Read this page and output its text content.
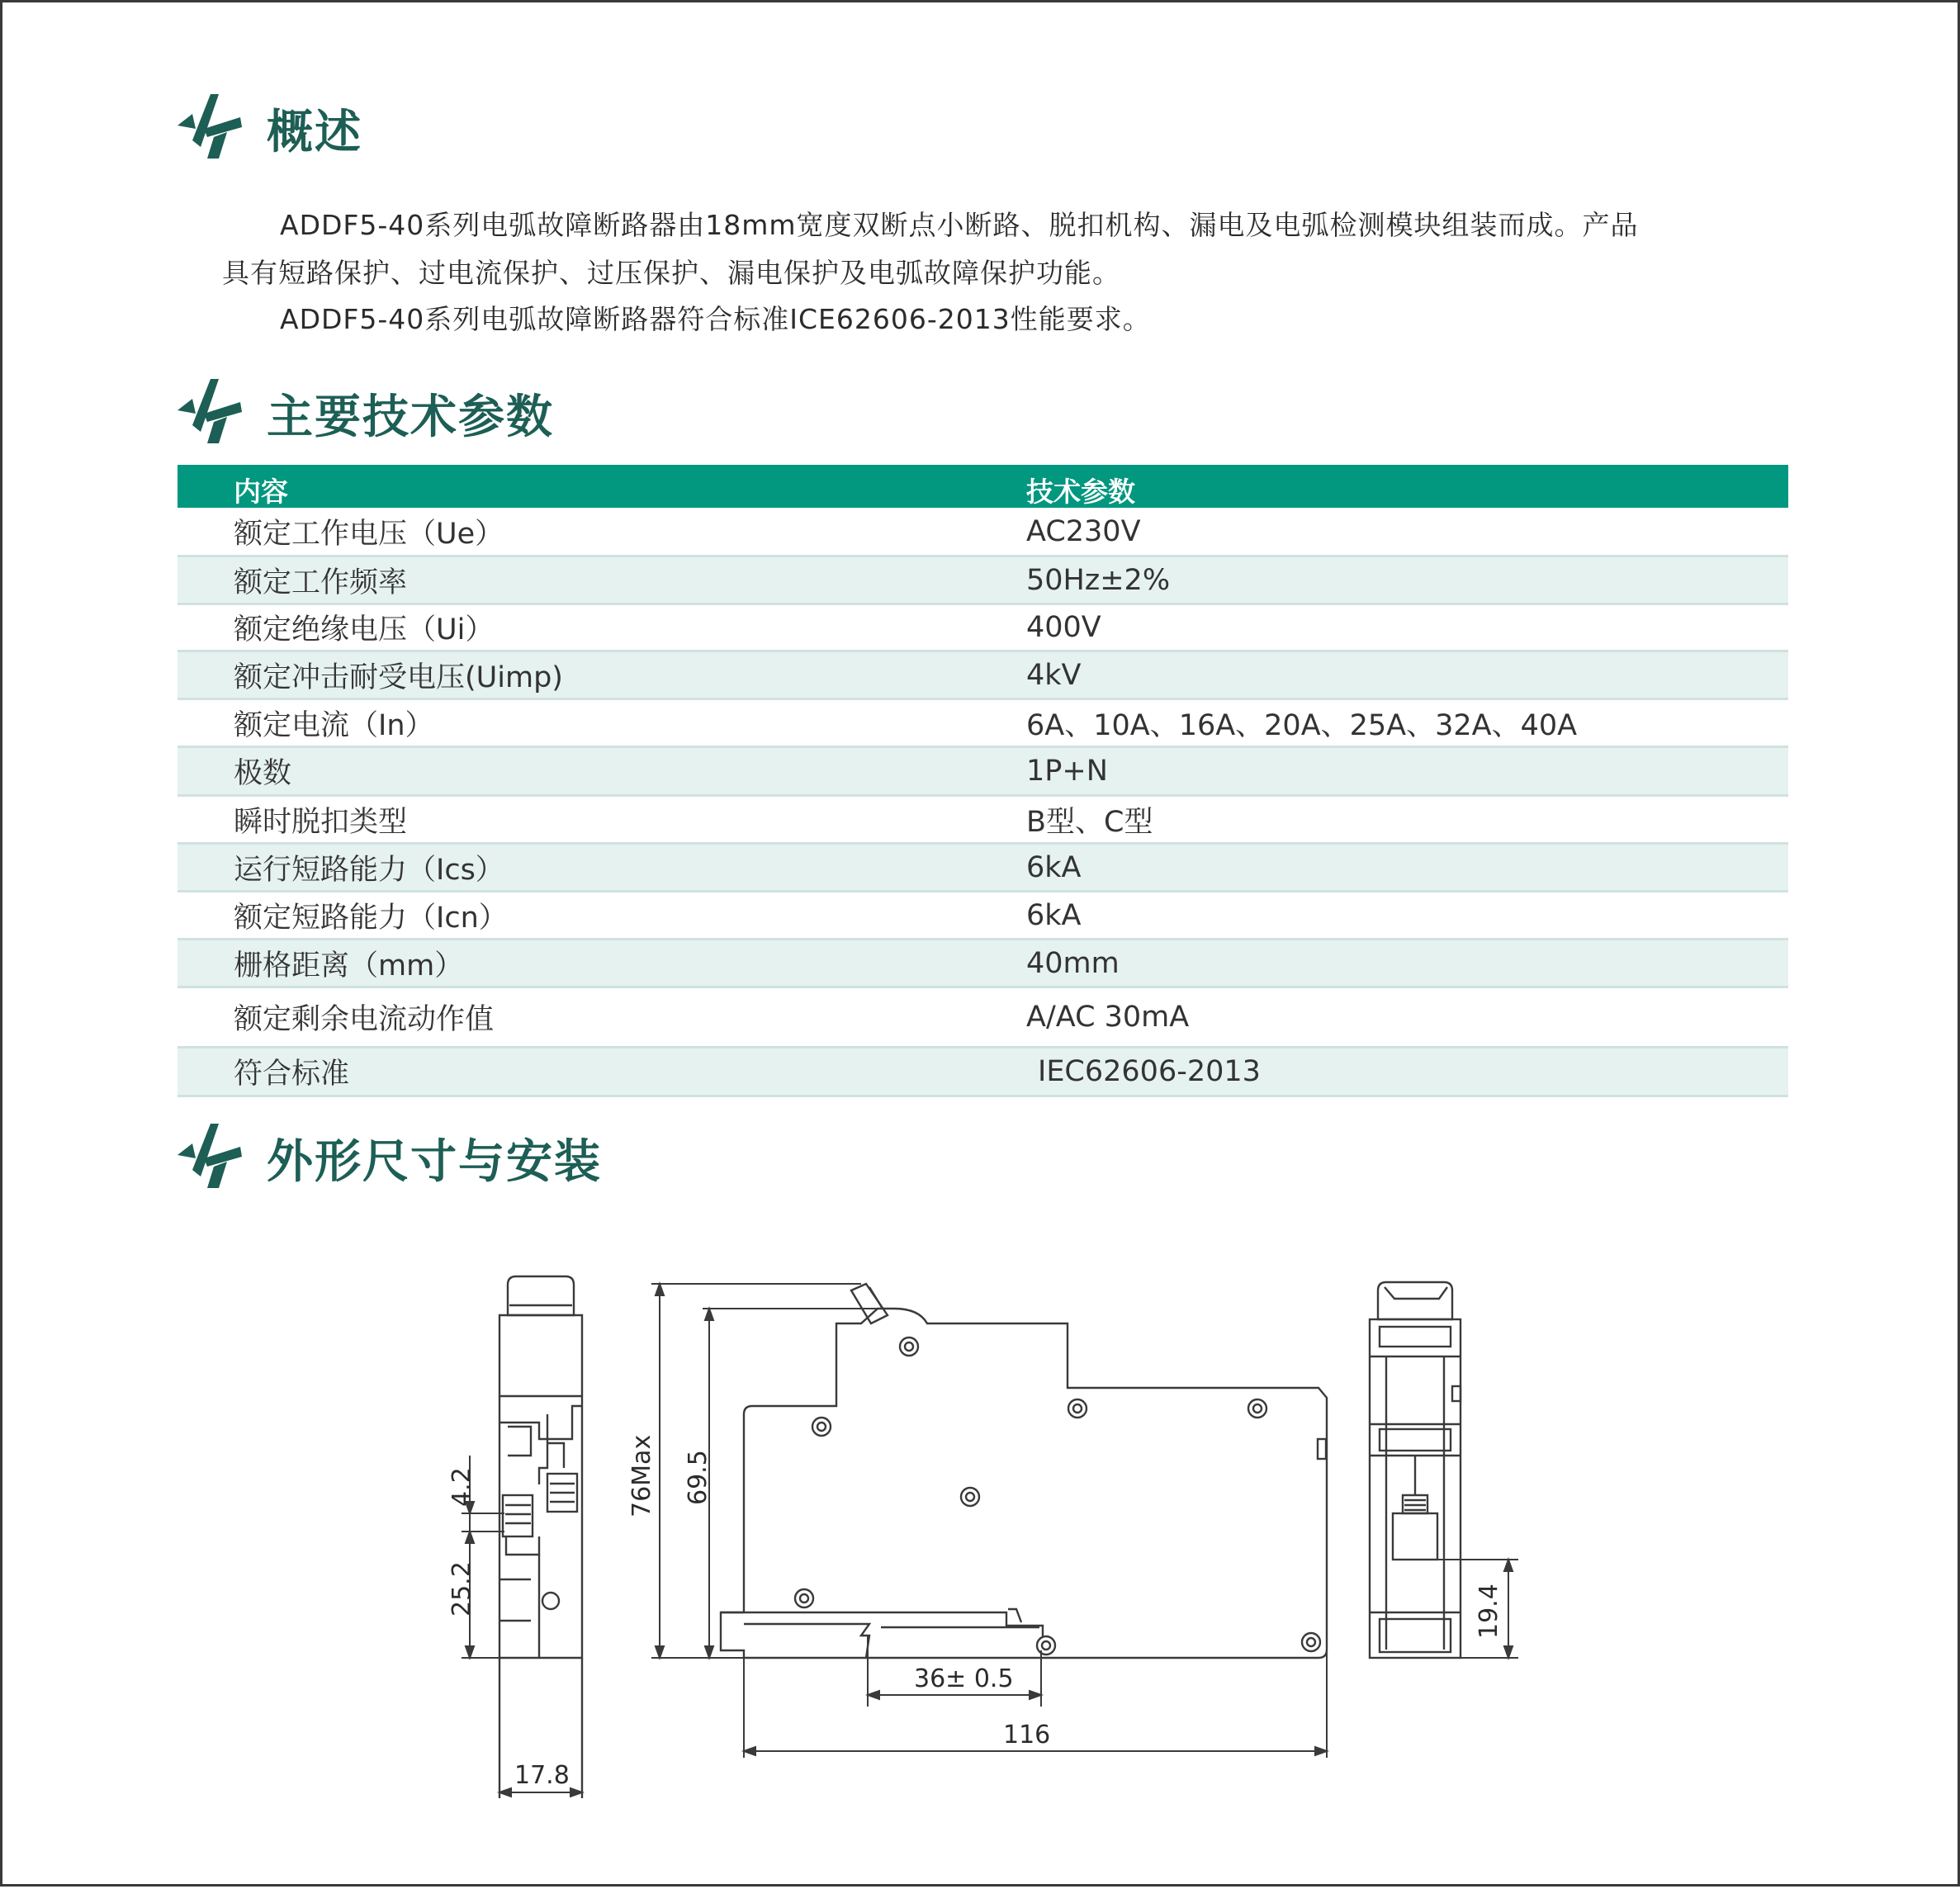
概述
ADDF5-40系列电弧故障断路器由18mm宽度双断点小断路、脱扣机构、漏电及电弧检测模块组装而成。产品
具有短路保护、过电流保护、过压保护、漏电保护及电弧故障保护功能。
ADDF5-40系列电弧故障断路器符合标准ICE62606-2013性能要求。
主要技术参数
内容	技术参数
额定工作电压（Ue）	AC230V
额定工作频率	50Hz±2%
额定绝缘电压（Ui）	400V
额定冲击耐受电压(Uimp)	4kV
额定电流（In）	6A、10A、16A、20A、25A、32A、40A
极数	1P+N
瞬时脱扣类型	B型、C型
运行短路能力（Ics）	6kA
额定短路能力（Icn）	6kA
栅格距离（mm）	40mm
额定剩余电流动作值	A/AC 30mA
符合标准	IEC62606-2013
外形尺寸与安装
17.8
4.2
25.2
76Max 69.5
36± 0.5
116
19.4
